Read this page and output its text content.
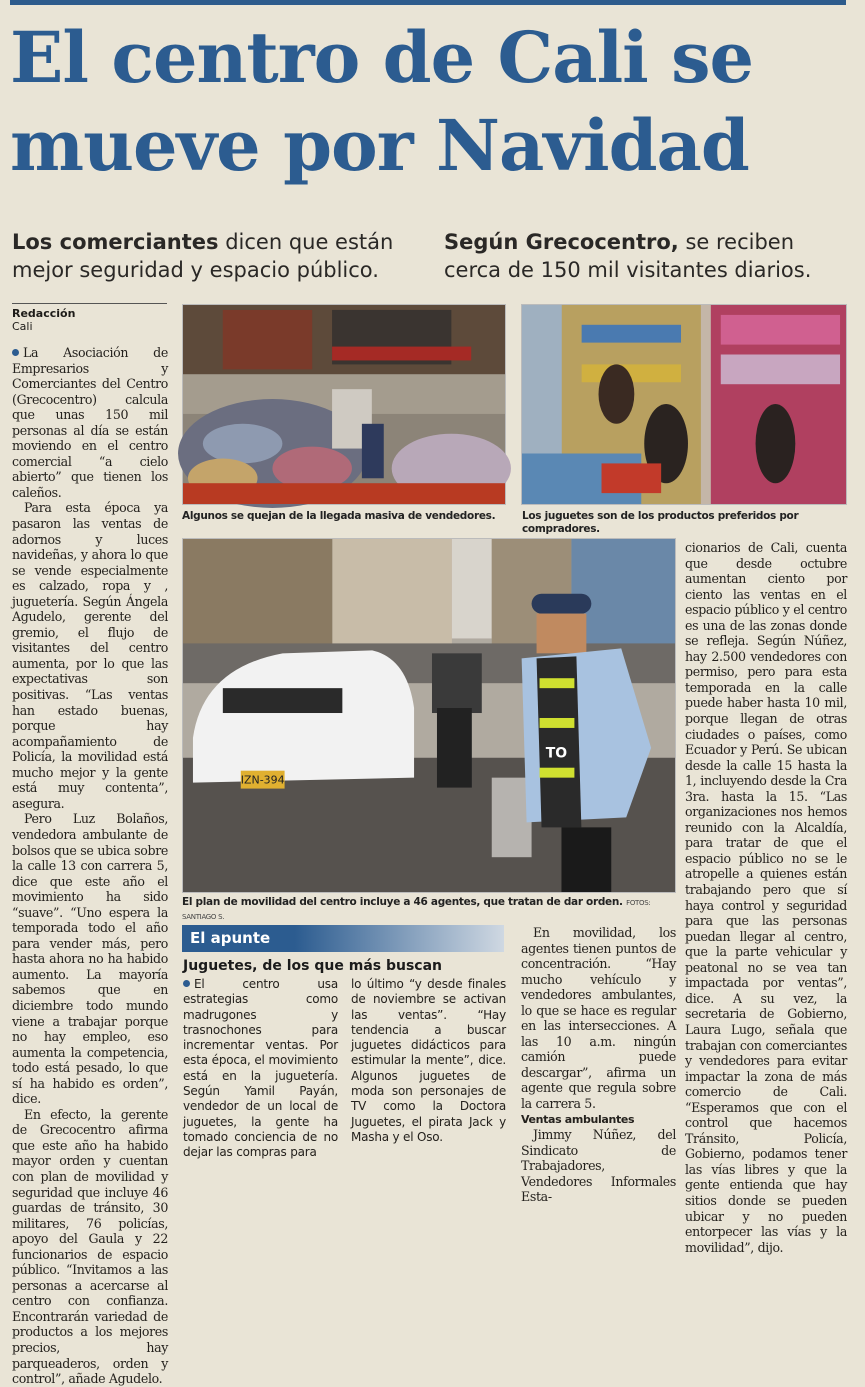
El centro de Cali se mueve por Navidad
Los comerciantes dicen que están mejor seguridad y espacio público.
Según Grecocentro, se reciben cerca de 150 mil visitantes diarios.
Redacción
Cali

La Asociación de Empresarios y Comerciantes del Centro (Grecocentro) calcula que unas 150 mil personas al día se están moviendo en el centro comercial “a cielo abierto” que tienen los caleños.

Para esta época ya pasaron las ventas de adornos y luces navideñas, y ahora lo que se vende especialmente es calzado, ropa y , juguetería. Según Ángela Agudelo, gerente del gremio, el flujo de visitantes del centro aumenta, por lo que las expectativas son positivas. “Las ventas han estado buenas, porque hay acompañamiento de Policía, la movilidad está mucho mejor y la gente está muy contenta”, asegura.

Pero Luz Bolaños, vendedora ambulante de bolsos que se ubica sobre la calle 13 con carrera 5, dice que este año el movimiento ha sido “suave”. “Uno espera la temporada todo el año para vender más, pero hasta ahora no ha habido aumento. La mayoría sabemos que en diciembre todo mundo viene a trabajar porque no hay empleo, eso aumenta la competencia, todo está pesado, lo que sí ha habido es orden”, dice.

En efecto, la gerente de Grecocentro afirma que este año ha habido mayor orden y cuentan con plan de movilidad y seguridad que incluye 46 guardas de tránsito, 30 militares, 76 policías, apoyo del Gaula y 22 funcionarios de espacio público. “Invitamos a las personas a acercarse al centro con confianza. Encontrarán variedad de productos a los mejores precios, hay parqueaderos, orden y control”, añade Agudelo.

Algunos se quejan de la llegada masiva de vendedores.	Los juguetes son de los productos preferidos por compradores.
IZN-394
TO
El plan de movilidad del centro incluye a 46 agentes, que tratan de dar orden. FOTOS: SANTIAGO S.

cionarios de Cali, cuenta que desde octubre aumentan ciento por ciento las ventas en el espacio público y el centro es una de las zonas donde se refleja. Según Núñez, hay 2.500 vendedores con permiso, pero para esta temporada en la calle puede haber hasta 10 mil, porque llegan de otras ciudades o países, como Ecuador y Perú. Se ubican desde la calle 15 hasta la 1, incluyendo desde la Cra 3ra. hasta la 15. “Las organizaciones nos hemos reunido con la Alcaldía, para tratar de que el espacio público no se le atropelle a quienes están trabajando pero que sí haya control y seguridad para que las personas puedan llegar al centro, que la parte vehicular y peatonal no se vea tan impactada por ventas”, dice. A su vez, la secretaria de Gobierno, Laura Lugo, señala que trabajan con comerciantes y vendedores para evitar impactar la zona de más comercio de Cali. “Esperamos que con el control que hacemos Tránsito, Policía, Gobierno, podamos tener las vías libres y que la gente entienda que hay sitios donde se pueden ubicar y no pueden entorpecer las vías y la movilidad”, dijo.

El apunte
Juguetes, de los que más buscan
El centro usa estrategias como madrugones y trasnochones para incrementar ventas. Por esta época, el movimiento está en la juguetería. Según Yamil Payán, vendedor de un local de juguetes, la gente ha tomado conciencia de no dejar las compras para
lo último “y desde finales de noviembre se activan las ventas”. “Hay tendencia a buscar juguetes didácticos para estimular la mente”, dice. Algunos juguetes de moda son personajes de TV como la Doctora Juguetes, el pirata Jack y Masha y el Oso.

En movilidad, los agentes tienen puntos de concentración. “Hay mucho vehículo y vendedores ambulantes, lo que se hace es regular en las intersecciones. A las 10 a.m. ningún camión puede descargar”, afirma un agente que regula sobre la carrera 5.

Ventas ambulantes

Jimmy Núñez, del Sindicato de Trabajadores, Vendedores Informales Esta-
